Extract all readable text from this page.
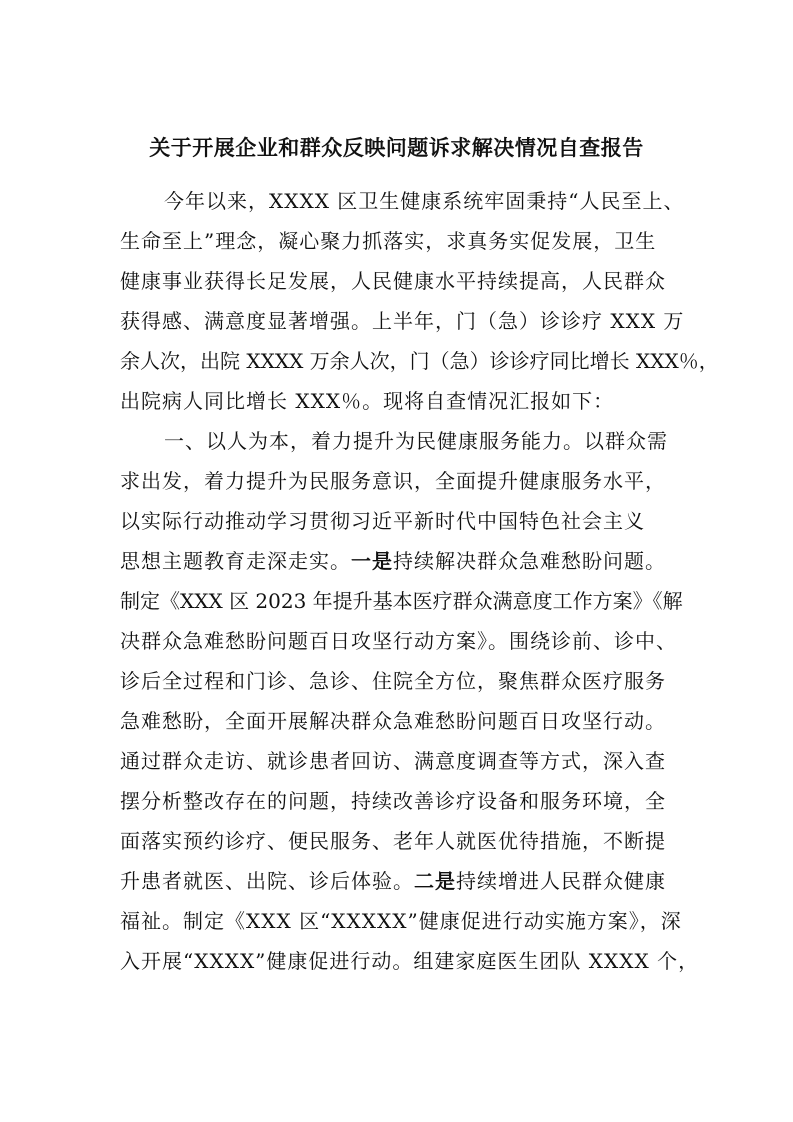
关于开展企业和群众反映问题诉求解决情况自查报告
今年以来，XXXX 区卫生健康系统牢固秉持“人民至上、
生命至上”理念，凝心聚力抓落实，求真务实促发展，卫生
健康事业获得长足发展，人民健康水平持续提高，人民群众
获得感、满意度显著增强。上半年，门（急）诊诊疗 XXX 万
余人次，出院 XXXX 万余人次，门（急）诊诊疗同比增长 XXX％，
出院病人同比增长 XXX％。现将自查情况汇报如下：
一、以人为本，着力提升为民健康服务能力。以群众需
求出发，着力提升为民服务意识，全面提升健康服务水平，
以实际行动推动学习贯彻习近平新时代中国特色社会主义
思想主题教育走深走实。一是持续解决群众急难愁盼问题。
制定《XXX 区 2023 年提升基本医疗群众满意度工作方案》《解
决群众急难愁盼问题百日攻坚行动方案》。围绕诊前、诊中、
诊后全过程和门诊、急诊、住院全方位，聚焦群众医疗服务
急难愁盼，全面开展解决群众急难愁盼问题百日攻坚行动。
通过群众走访、就诊患者回访、满意度调查等方式，深入查
摆分析整改存在的问题，持续改善诊疗设备和服务环境，全
面落实预约诊疗、便民服务、老年人就医优待措施，不断提
升患者就医、出院、诊后体验。二是持续增进人民群众健康
福祉。制定《XXX 区“XXXXX”健康促进行动实施方案》，深
入开展“XXXX”健康促进行动。组建家庭医生团队 XXXX 个，
